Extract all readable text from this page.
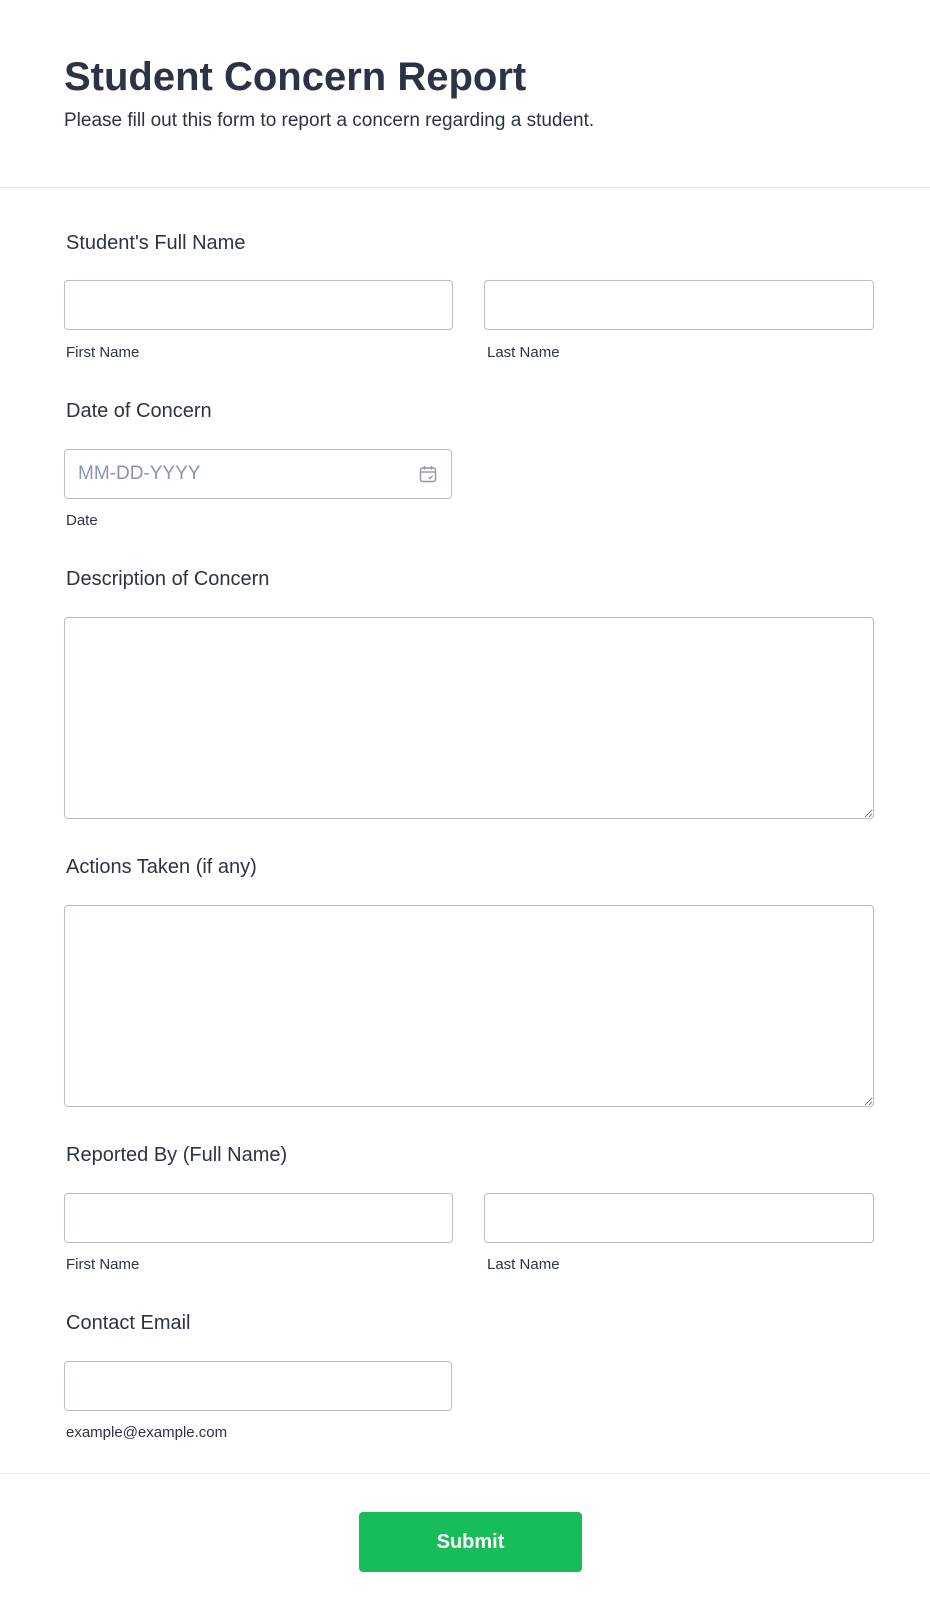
Student Concern Report

Please fill out this form to report a concern regarding a student.

Student's Full Name
First Name	Last Name
Date of Concern
MM-DD-YYYY
Date
Description of Concern
Actions Taken (if any)
Reported By (Full Name)
First Name	Last Name
Contact Email
example@example.com
Submit
